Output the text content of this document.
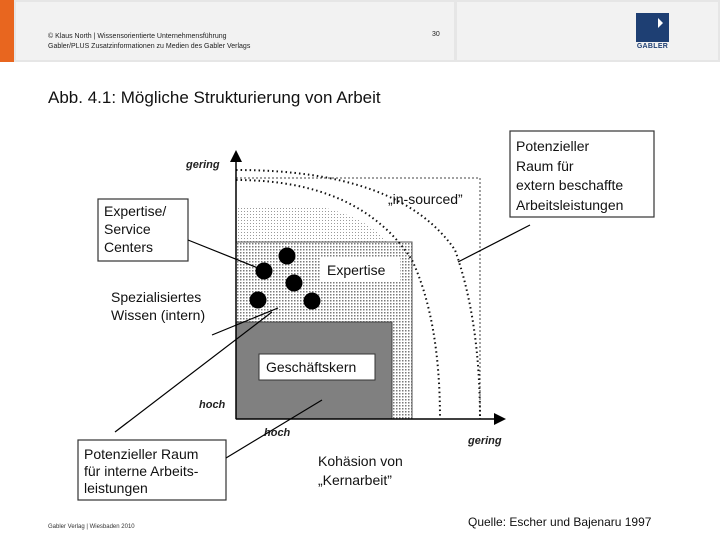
© Klaus North | Wissensorientierte Unternehmensführung
Gabler/PLUS Zusatzinformationen zu Medien des Gabler Verlags
30
GABLER
Abb. 4.1: Mögliche Strukturierung von Arbeit
gering
hoch
hoch
gering
„in-sourced”
Expertise
Geschäftskern
Spezialisiertes
Wissen (intern)
Expertise/
Service
Centers
Potenzieller
Raum für
extern beschaffte
Arbeitsleistungen
Potenzieller Raum
für interne Arbeits-
leistungen
Kohäsion von
„Kernarbeit”
Gabler Verlag | Wiesbaden 2010	Quelle: Escher und Bajenaru 1997
